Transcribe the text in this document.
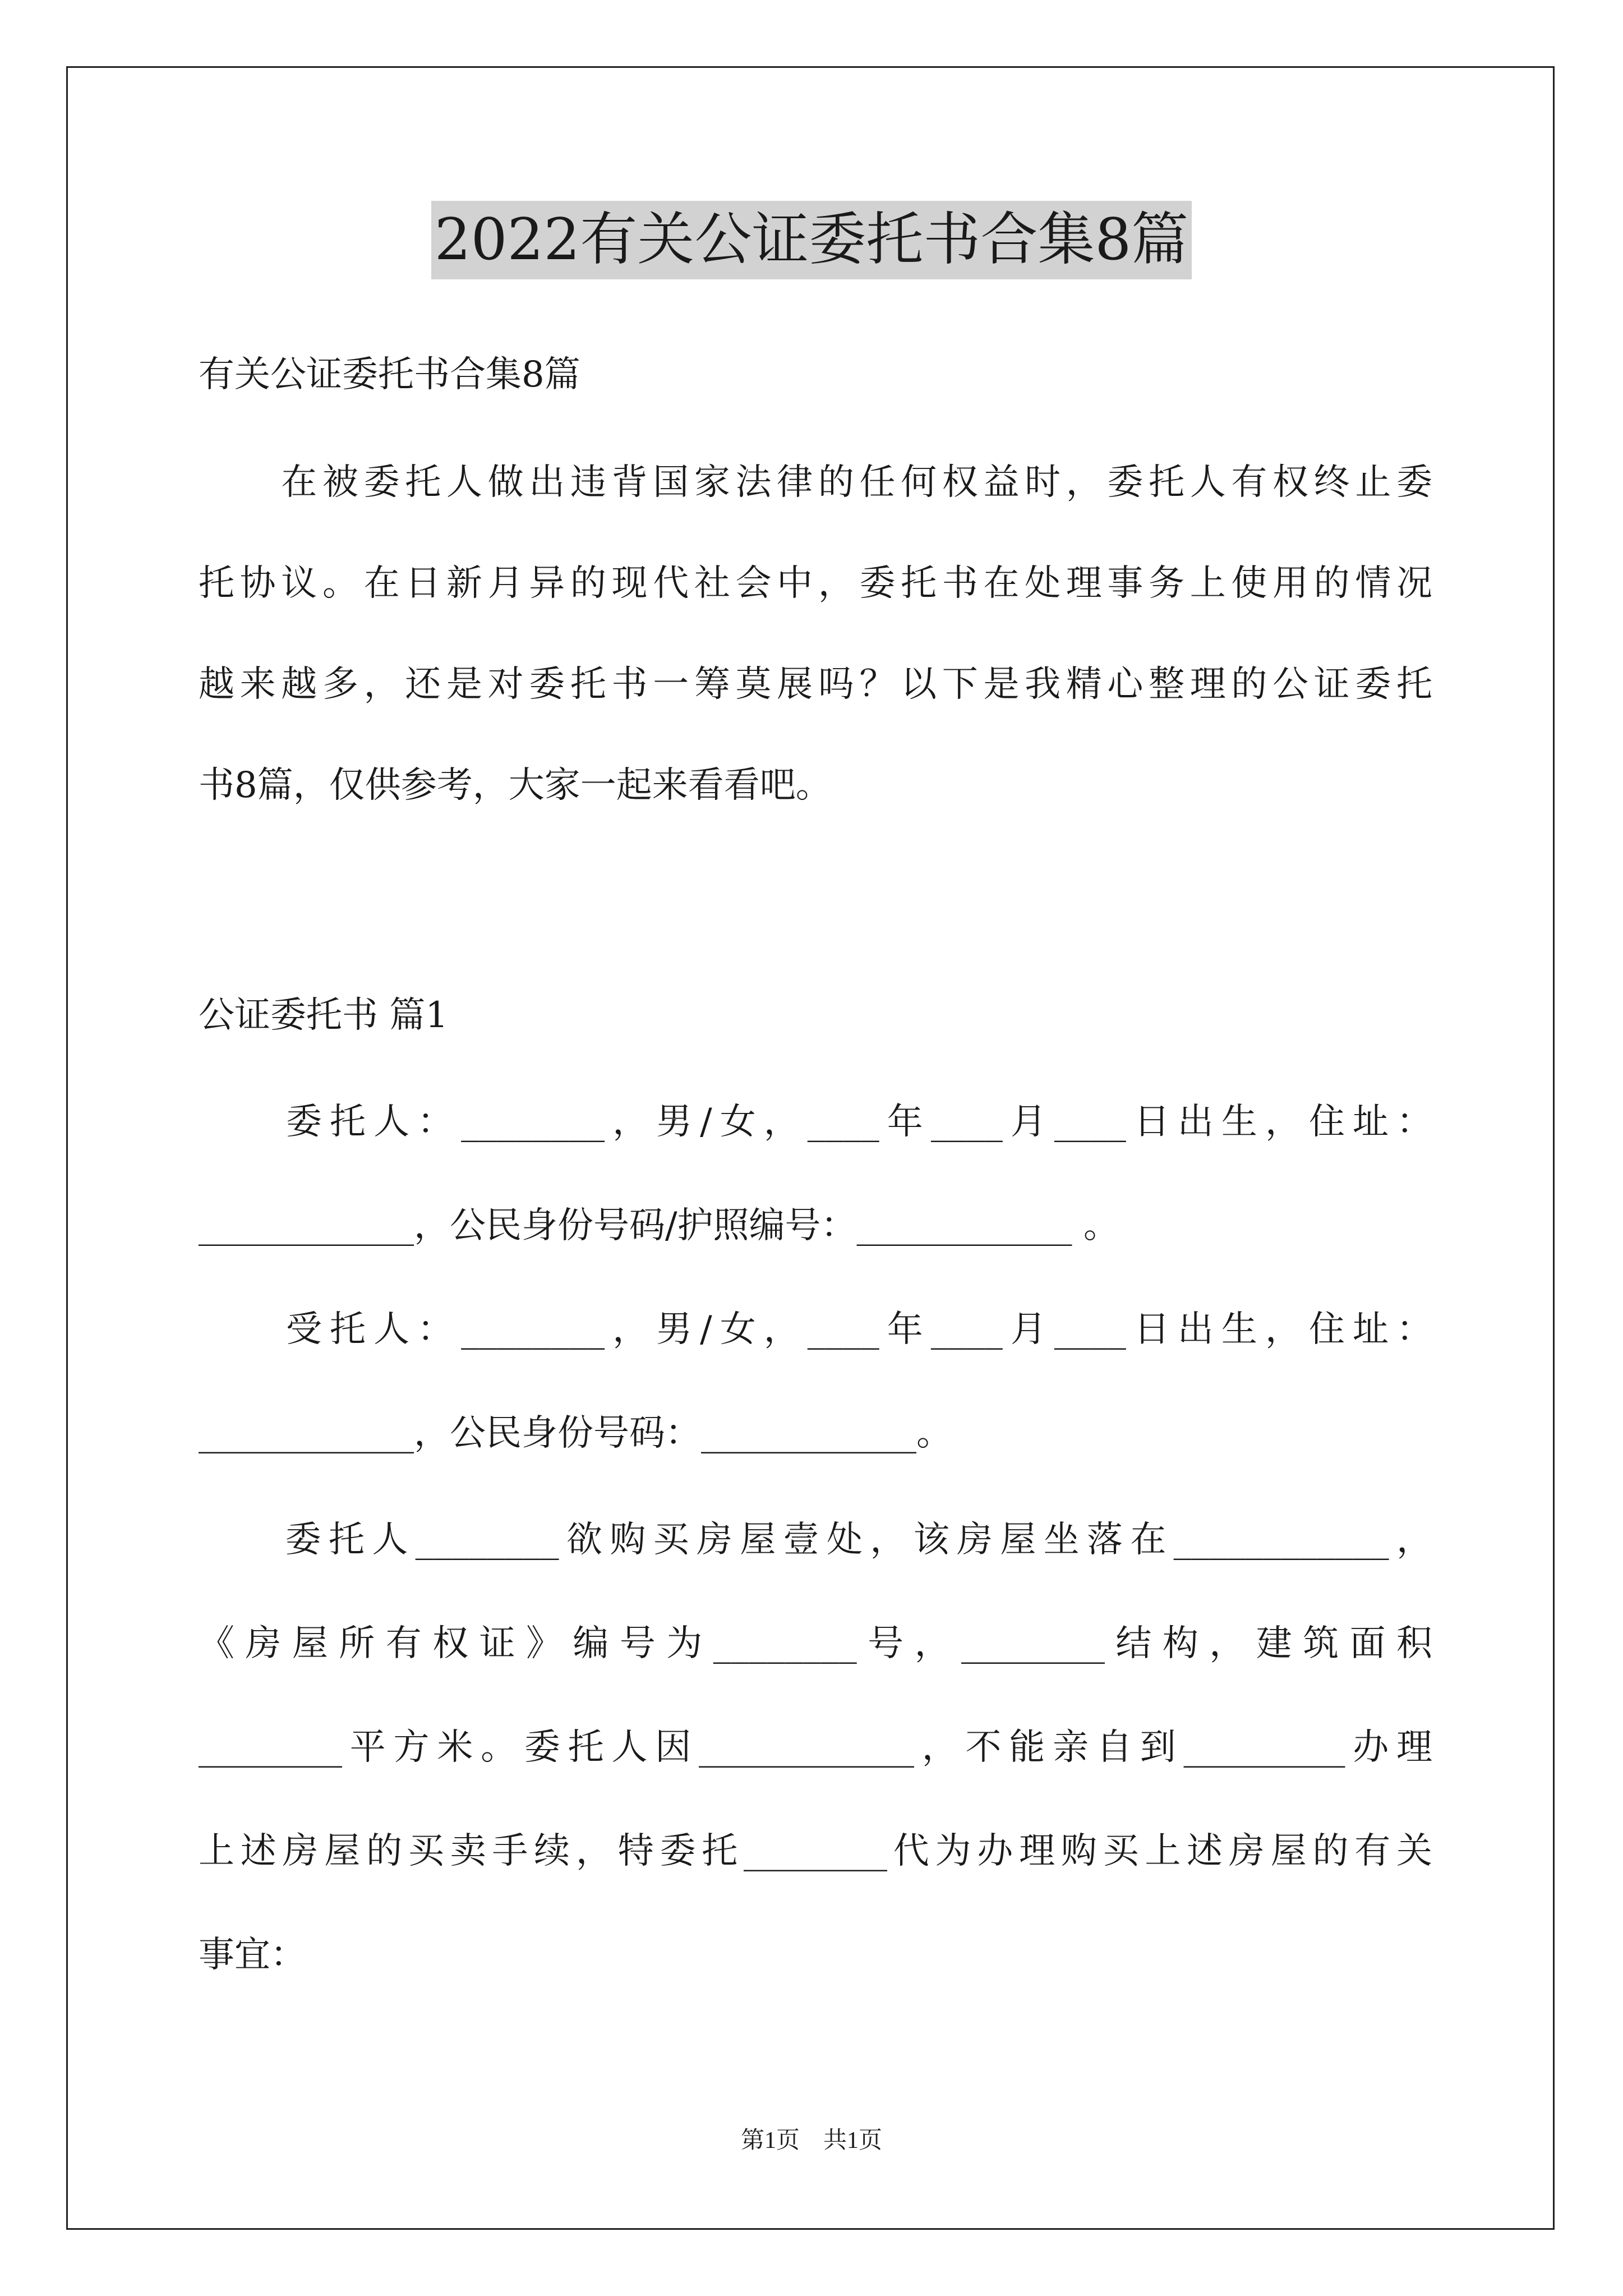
2022有关公证委托书合集8篇
有关公证委托书合集8篇
　　在被委托人做出违背国家法律的任何权益时，委托人有权终止委
托协议。在日新月异的现代社会中，委托书在处理事务上使用的情况
越来越多，还是对委托书一筹莫展吗？以下是我精心整理的公证委托
书8篇，仅供参考，大家一起来看看吧。
公证委托书 篇1
　　委托人：________，男/女，____年____月____日出生，住址：
____________，公民身份号码/护照编号：____________ 。
　　受托人：________，男/女，____年____月____日出生，住址：
____________，公民身份号码：____________。
　　委托人________欲购买房屋壹处，该房屋坐落在____________，
《房屋所有权证》编号为________号，________结构，建筑面积
________平方米。委托人因____________，不能亲自到_________办理
上述房屋的买卖手续，特委托________代为办理购买上述房屋的有关
事宜：
第1页　共1页
